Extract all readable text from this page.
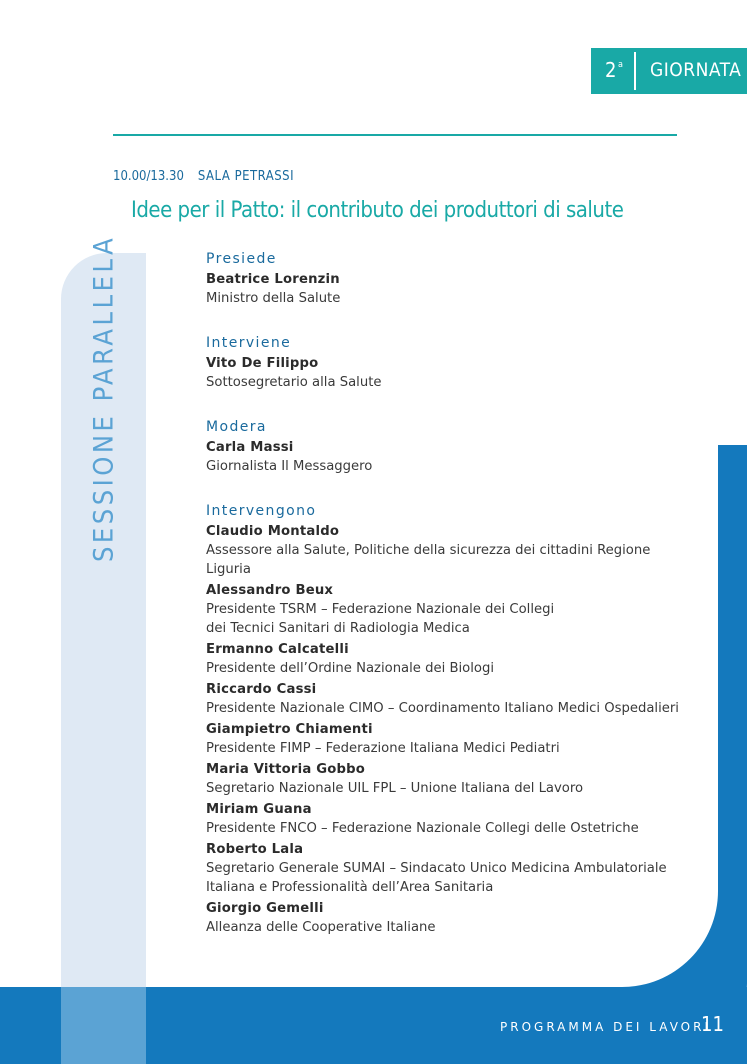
2$^a$ GIORNATA
10.00/13.30 SALA PETRASSI
Idee per il Patto: il contributo dei produttori di salute
SESSIONE PARALLELA	Presiede
Beatrice Lorenzin
Ministro della Salute
Interviene
Vito De Filippo
Sottosegretario alla Salute
Modera
Carla Massi
Giornalista Il Messaggero
Intervengono
Claudio Montaldo
Assessore alla Salute, Politiche della sicurezza dei cittadini Regione Liguria
Alessandro Beux
Presidente TSRM – Federazione Nazionale dei Collegi
dei Tecnici Sanitari di Radiologia Medica
Ermanno Calcatelli
Presidente dell’Ordine Nazionale dei Biologi
Riccardo Cassi
Presidente Nazionale CIMO – Coordinamento Italiano Medici Ospedalieri
Giampietro Chiamenti
Presidente FIMP – Federazione Italiana Medici Pediatri
Maria Vittoria Gobbo
Segretario Nazionale UIL FPL – Unione Italiana del Lavoro
Miriam Guana
Presidente FNCO – Federazione Nazionale Collegi delle Ostetriche
Roberto Lala
Segretario Generale SUMAI – Sindacato Unico Medicina Ambulatoriale
Italiana e Professionalità dell’Area Sanitaria
Giorgio Gemelli
Alleanza delle Cooperative Italiane
PROGRAMMA DEI LAVORI
11
